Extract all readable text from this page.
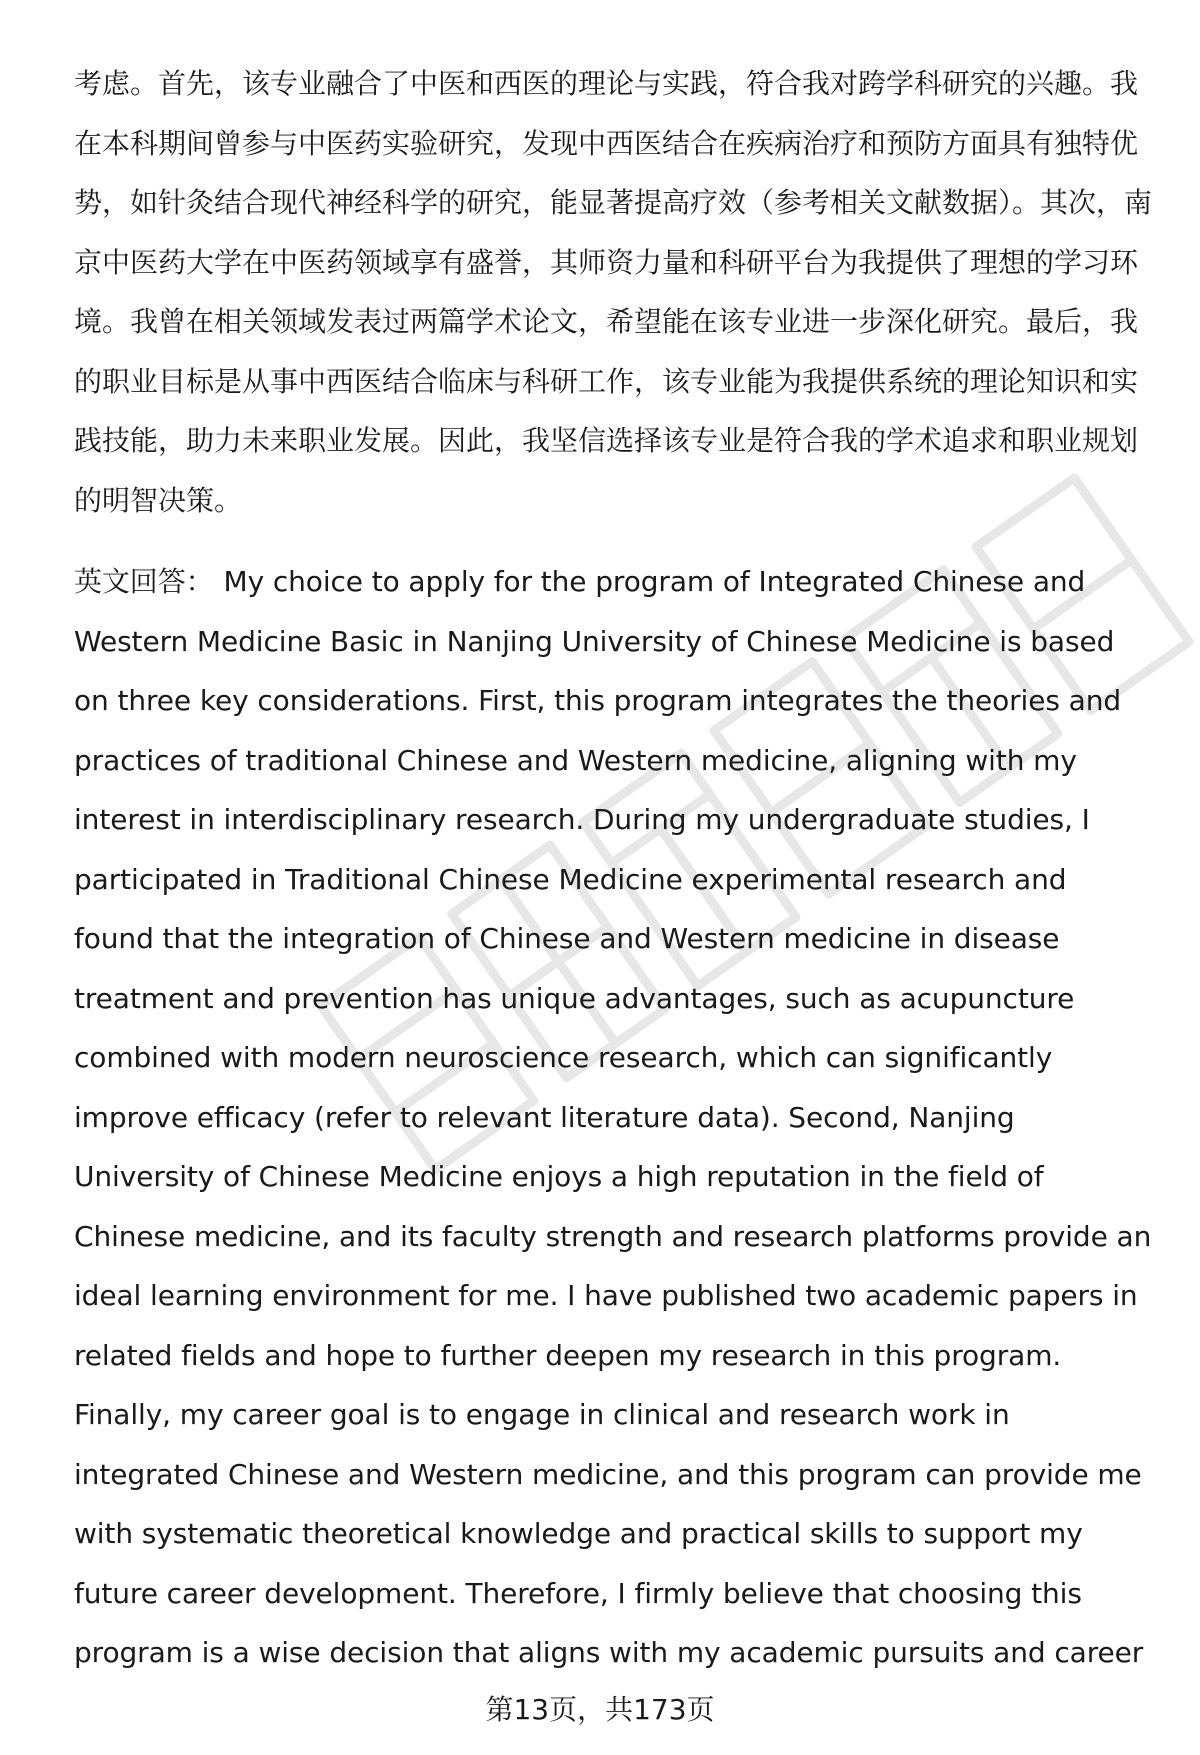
考虑。首先，该专业融合了中医和西医的理论与实践，符合我对跨学科研究的兴趣。我在本科期间曾参与中医药实验研究，发现中西医结合在疾病治疗和预防方面具有独特优势，如针灸结合现代神经科学的研究，能显著提高疗效（参考相关文献数据）。其次，南京中医药大学在中医药领域享有盛誉，其师资力量和科研平台为我提供了理想的学习环境。我曾在相关领域发表过两篇学术论文，希望能在该专业进一步深化研究。最后，我的职业目标是从事中西医结合临床与科研工作，该专业能为我提供系统的理论知识和实践技能，助力未来职业发展。因此，我坚信选择该专业是符合我的学术追求和职业规划的明智决策。

英文回答： My choice to apply for the program of Integrated Chinese and Western Medicine Basic in Nanjing University of Chinese Medicine is based on three key considerations. First, this program integrates the theories and practices of traditional Chinese and Western medicine, aligning with my interest in interdisciplinary research. During my undergraduate studies, I participated in Traditional Chinese Medicine experimental research and found that the integration of Chinese and Western medicine in disease treatment and prevention has unique advantages, such as acupuncture combined with modern neuroscience research, which can significantly improve efficacy (refer to relevant literature data). Second, Nanjing University of Chinese Medicine enjoys a high reputation in the field of Chinese medicine, and its faculty strength and research platforms provide an ideal learning environment for me. I have published two academic papers in related fields and hope to further deepen my research in this program. Finally, my career goal is to engage in clinical and research work in integrated Chinese and Western medicine, and this program can provide me with systematic theoretical knowledge and practical skills to support my future career development. Therefore, I firmly believe that choosing this program is a wise decision that aligns with my academic pursuits and career

第13页，共173页
